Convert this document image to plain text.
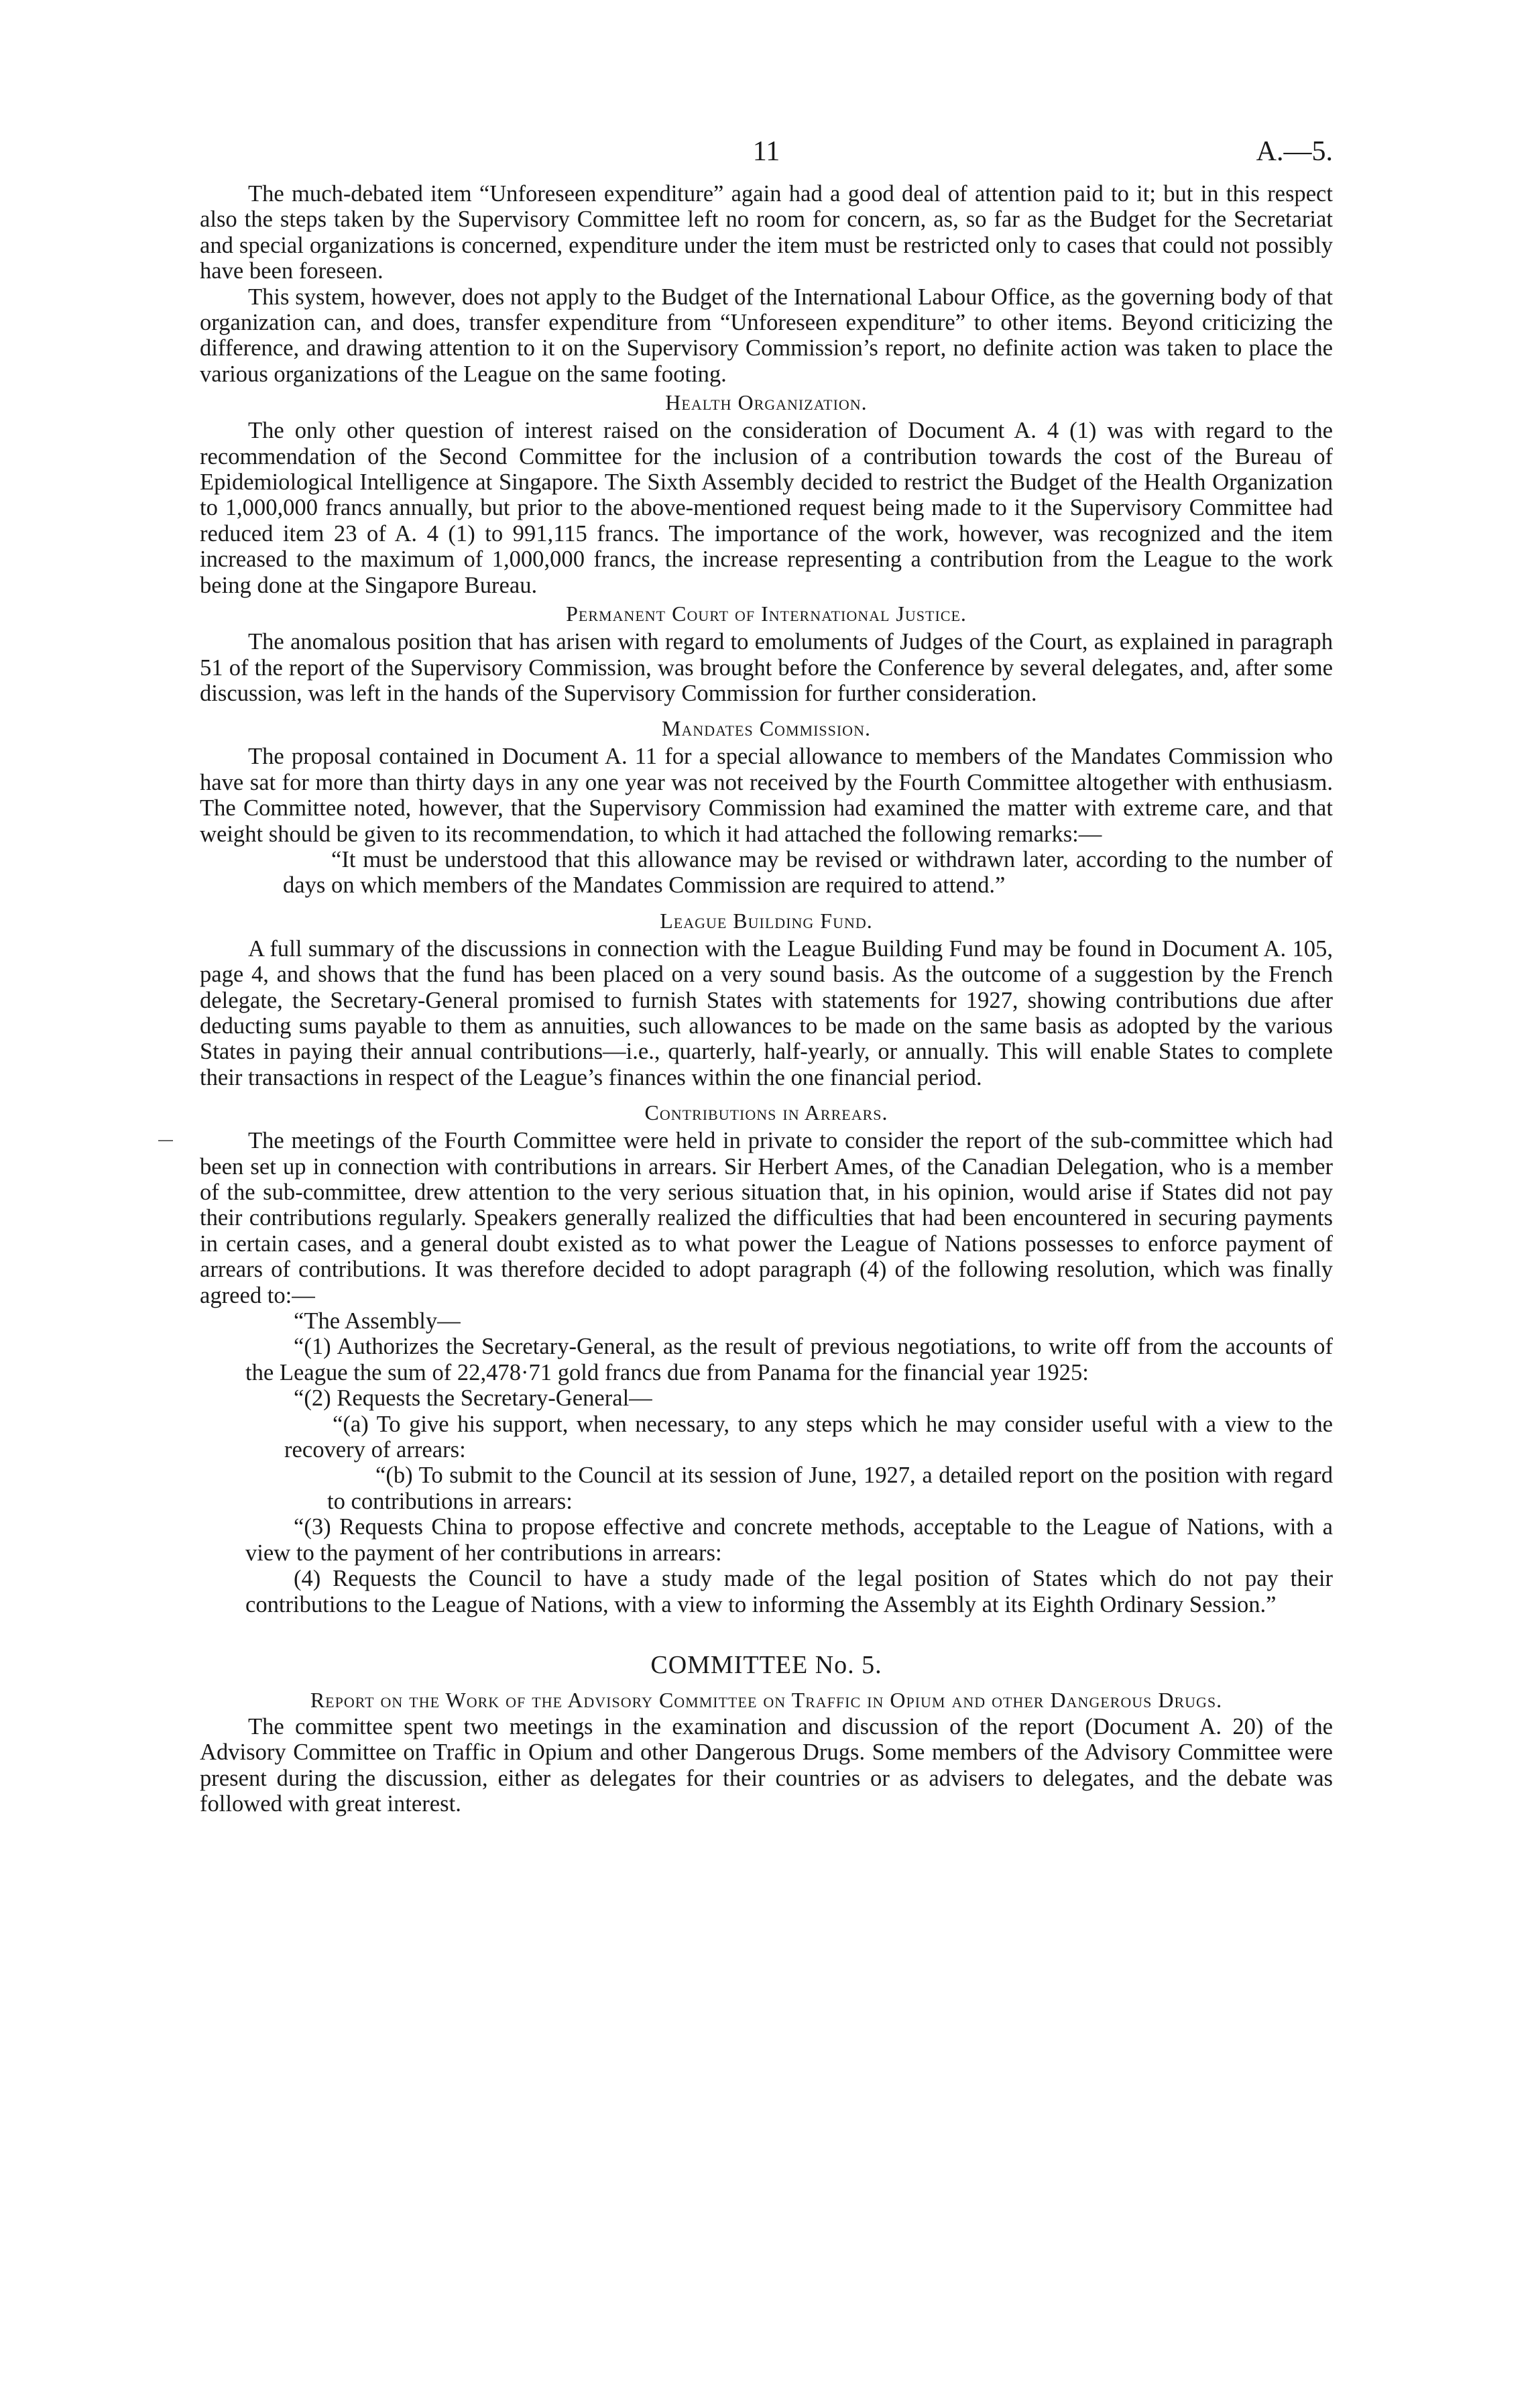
11	A.—5.

The much-debated item “Unforeseen expenditure” again had a good deal of attention paid to it; but in this respect also the steps taken by the Supervisory Committee left no room for concern, as, so far as the Budget for the Secretariat and special organizations is concerned, expenditure under the item must be restricted only to cases that could not possibly have been foreseen.

This system, however, does not apply to the Budget of the International Labour Office, as the governing body of that organization can, and does, transfer expenditure from “Unforeseen expenditure” to other items. Beyond criticizing the difference, and drawing attention to it on the Supervisory Commission’s report, no definite action was taken to place the various organizations of the League on the same footing.

Health Organization.

The only other question of interest raised on the consideration of Document A. 4 (1) was with regard to the recommendation of the Second Committee for the inclusion of a contribution towards the cost of the Bureau of Epidemiological Intelligence at Singapore. The Sixth Assembly decided to restrict the Budget of the Health Organization to 1,000,000 francs annually, but prior to the above-mentioned request being made to it the Supervisory Committee had reduced item 23 of A. 4 (1) to 991,115 francs. The importance of the work, however, was recognized and the item increased to the maximum of 1,000,000 francs, the increase representing a contribution from the League to the work being done at the Singapore Bureau.

Permanent Court of International Justice.

The anomalous position that has arisen with regard to emoluments of Judges of the Court, as explained in paragraph 51 of the report of the Supervisory Commission, was brought before the Conference by several delegates, and, after some discussion, was left in the hands of the Supervisory Commission for further consideration.

Mandates Commission.

The proposal contained in Document A. 11 for a special allowance to members of the Mandates Commission who have sat for more than thirty days in any one year was not received by the Fourth Committee altogether with enthusiasm. The Committee noted, however, that the Supervisory Commission had examined the matter with extreme care, and that weight should be given to its recommendation, to which it had attached the following remarks:—

“It must be understood that this allowance may be revised or withdrawn later, according to the number of days on which members of the Mandates Commission are required to attend.”

League Building Fund.

A full summary of the discussions in connection with the League Building Fund may be found in Document A. 105, page 4, and shows that the fund has been placed on a very sound basis. As the outcome of a suggestion by the French delegate, the Secretary-General promised to furnish States with statements for 1927, showing contributions due after deducting sums payable to them as annuities, such allowances to be made on the same basis as adopted by the various States in paying their annual contributions—i.e., quarterly, half-yearly, or annually. This will enable States to complete their transactions in respect of the League’s finances within the one financial period.

Contributions in Arrears.

The meetings of the Fourth Committee were held in private to consider the report of the sub-committee which had been set up in connection with contributions in arrears. Sir Herbert Ames, of the Canadian Delegation, who is a member of the sub-committee, drew attention to the very serious situation that, in his opinion, would arise if States did not pay their contributions regularly. Speakers generally realized the difficulties that had been encountered in securing payments in certain cases, and a general doubt existed as to what power the League of Nations possesses to enforce payment of arrears of contributions. It was therefore decided to adopt paragraph (4) of the following resolution, which was finally agreed to:—

“The Assembly—

“(1) Authorizes the Secretary-General, as the result of previous negotiations, to write off from the accounts of the League the sum of 22,478·71 gold francs due from Panama for the financial year 1925:

“(2) Requests the Secretary-General—

“(a) To give his support, when necessary, to any steps which he may consider useful with a view to the recovery of arrears:

“(b) To submit to the Council at its session of June, 1927, a detailed report on the position with regard to contributions in arrears:

“(3) Requests China to propose effective and concrete methods, acceptable to the League of Nations, with a view to the payment of her contributions in arrears:

(4) Requests the Council to have a study made of the legal position of States which do not pay their contributions to the League of Nations, with a view to informing the Assembly at its Eighth Ordinary Session.”

COMMITTEE No. 5.
Report on the Work of the Advisory Committee on Traffic in Opium and other Dangerous Drugs.

The committee spent two meetings in the examination and discussion of the report (Document A. 20) of the Advisory Committee on Traffic in Opium and other Dangerous Drugs. Some members of the Advisory Committee were present during the discussion, either as delegates for their countries or as advisers to delegates, and the debate was followed with great interest.
